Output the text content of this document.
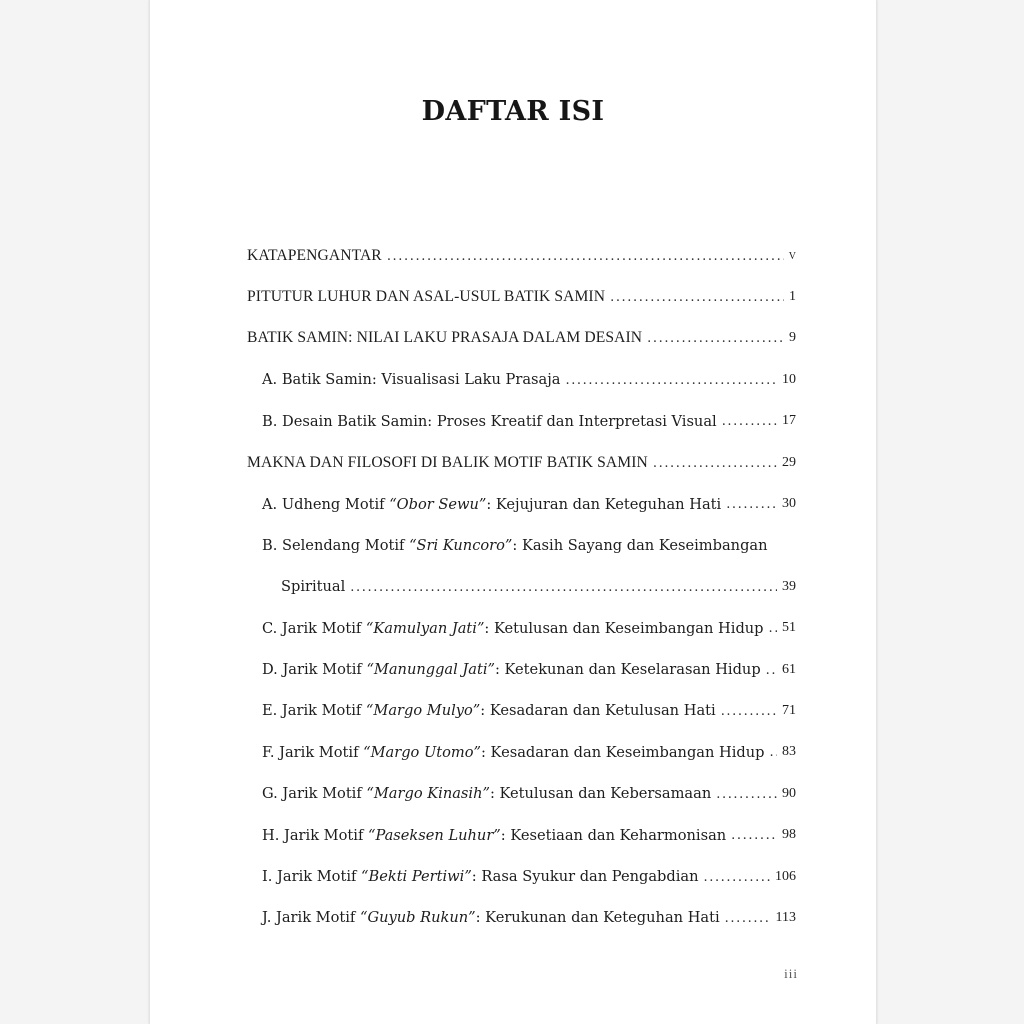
DAFTAR ISI
KATAPENGANTAR .....	v
PITUTUR LUHUR DAN ASAL-USUL BATIK SAMIN .....	1
BATIK SAMIN: NILAI LAKU PRASAJA DALAM DESAIN .....	9
A. Batik Samin: Visualisasi Laku Prasaja .....	10
B. Desain Batik Samin: Proses Kreatif dan Interpretasi Visual .....	17
MAKNA DAN FILOSOFI DI BALIK MOTIF BATIK SAMIN .....	29
A. Udheng Motif “Obor Sewu”: Kejujuran dan Keteguhan Hati .....	30
B. Selendang Motif “Sri Kuncoro”: Kasih Sayang dan Keseimbangan
Spiritual .....	39
C. Jarik Motif “Kamulyan Jati”: Ketulusan dan Keseimbangan Hidup ..... 51
D. Jarik Motif “Manunggal Jati”: Ketekunan dan Keselarasan Hidup ..... 61
E. Jarik Motif “Margo Mulyo”: Kesadaran dan Ketulusan Hati .....	71
F. Jarik Motif “Margo Utomo”: Kesadaran dan Keseimbangan Hidup ..... 83
G. Jarik Motif “Margo Kinasih”: Ketulusan dan Kebersamaan .....	90
H. Jarik Motif “Paseksen Luhur”: Kesetiaan dan Keharmonisan .....	98
I. Jarik Motif “Bekti Pertiwi”: Rasa Syukur dan Pengabdian .....	106
J. Jarik Motif “Guyub Rukun”: Kerukunan dan Keteguhan Hati .....	113
iii
